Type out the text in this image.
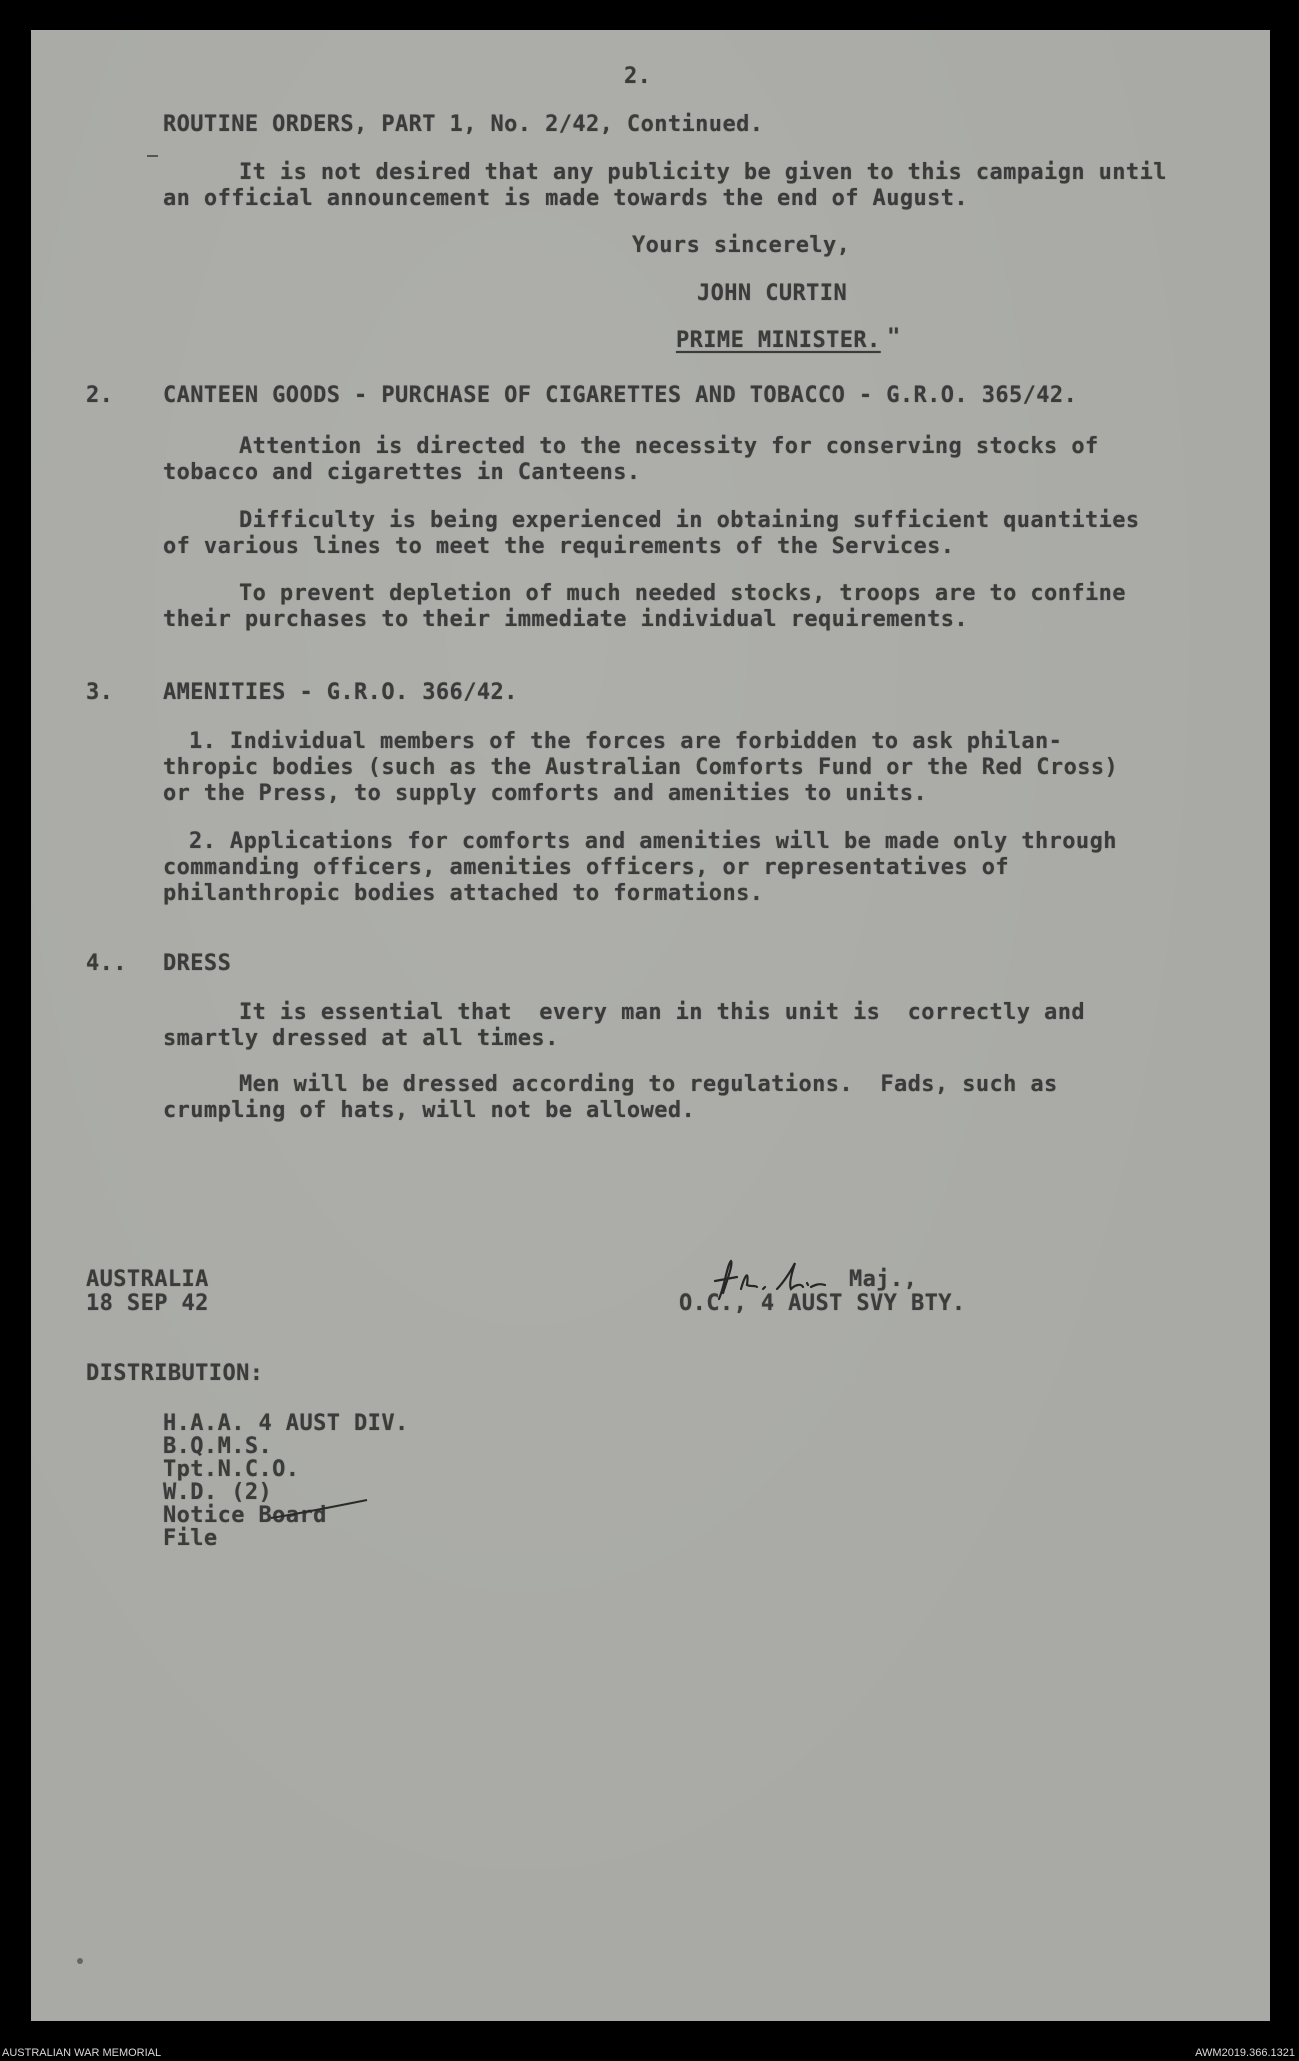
2.

ROUTINE ORDERS, PART 1, No. 2/42, Continued.

It is not desired that any publicity be given to this campaign until

an official announcement is made towards the end of August.

Yours sincerely,

JOHN CURTIN

PRIME MINISTER. "

2. CANTEEN GOODS - PURCHASE OF CIGARETTES AND TOBACCO - G.R.O. 365/42.

Attention is directed to the necessity for conserving stocks of

tobacco and cigarettes in Canteens.

Difficulty is being experienced in obtaining sufficient quantities

of various lines to meet the requirements of the Services.

To prevent depletion of much needed stocks, troops are to confine

their purchases to their immediate individual requirements.

3. AMENITIES - G.R.O. 366/42.

1. Individual members of the forces are forbidden to ask philan-

thropic bodies (such as the Australian Comforts Fund or the Red Cross)

or the Press, to supply comforts and amenities to units.

2. Applications for comforts and amenities will be made only through

commanding officers, amenities officers, or representatives of

philanthropic bodies attached to formations.

4.. DRESS

It is essential that  every man in this unit is  correctly and

smartly dressed at all times.

Men will be dressed according to regulations.  Fads, such as

crumpling of hats, will not be allowed.

AUSTRALIA

18 SEP 42

Maj.,

O.C., 4 AUST SVY BTY.

DISTRIBUTION:

H.A.A. 4 AUST DIV.

B.Q.M.S.

Tpt.N.C.O.

W.D. (2)

Notice Board

File

AUSTRALIAN WAR MEMORIAL	AWM2019.366.1321
